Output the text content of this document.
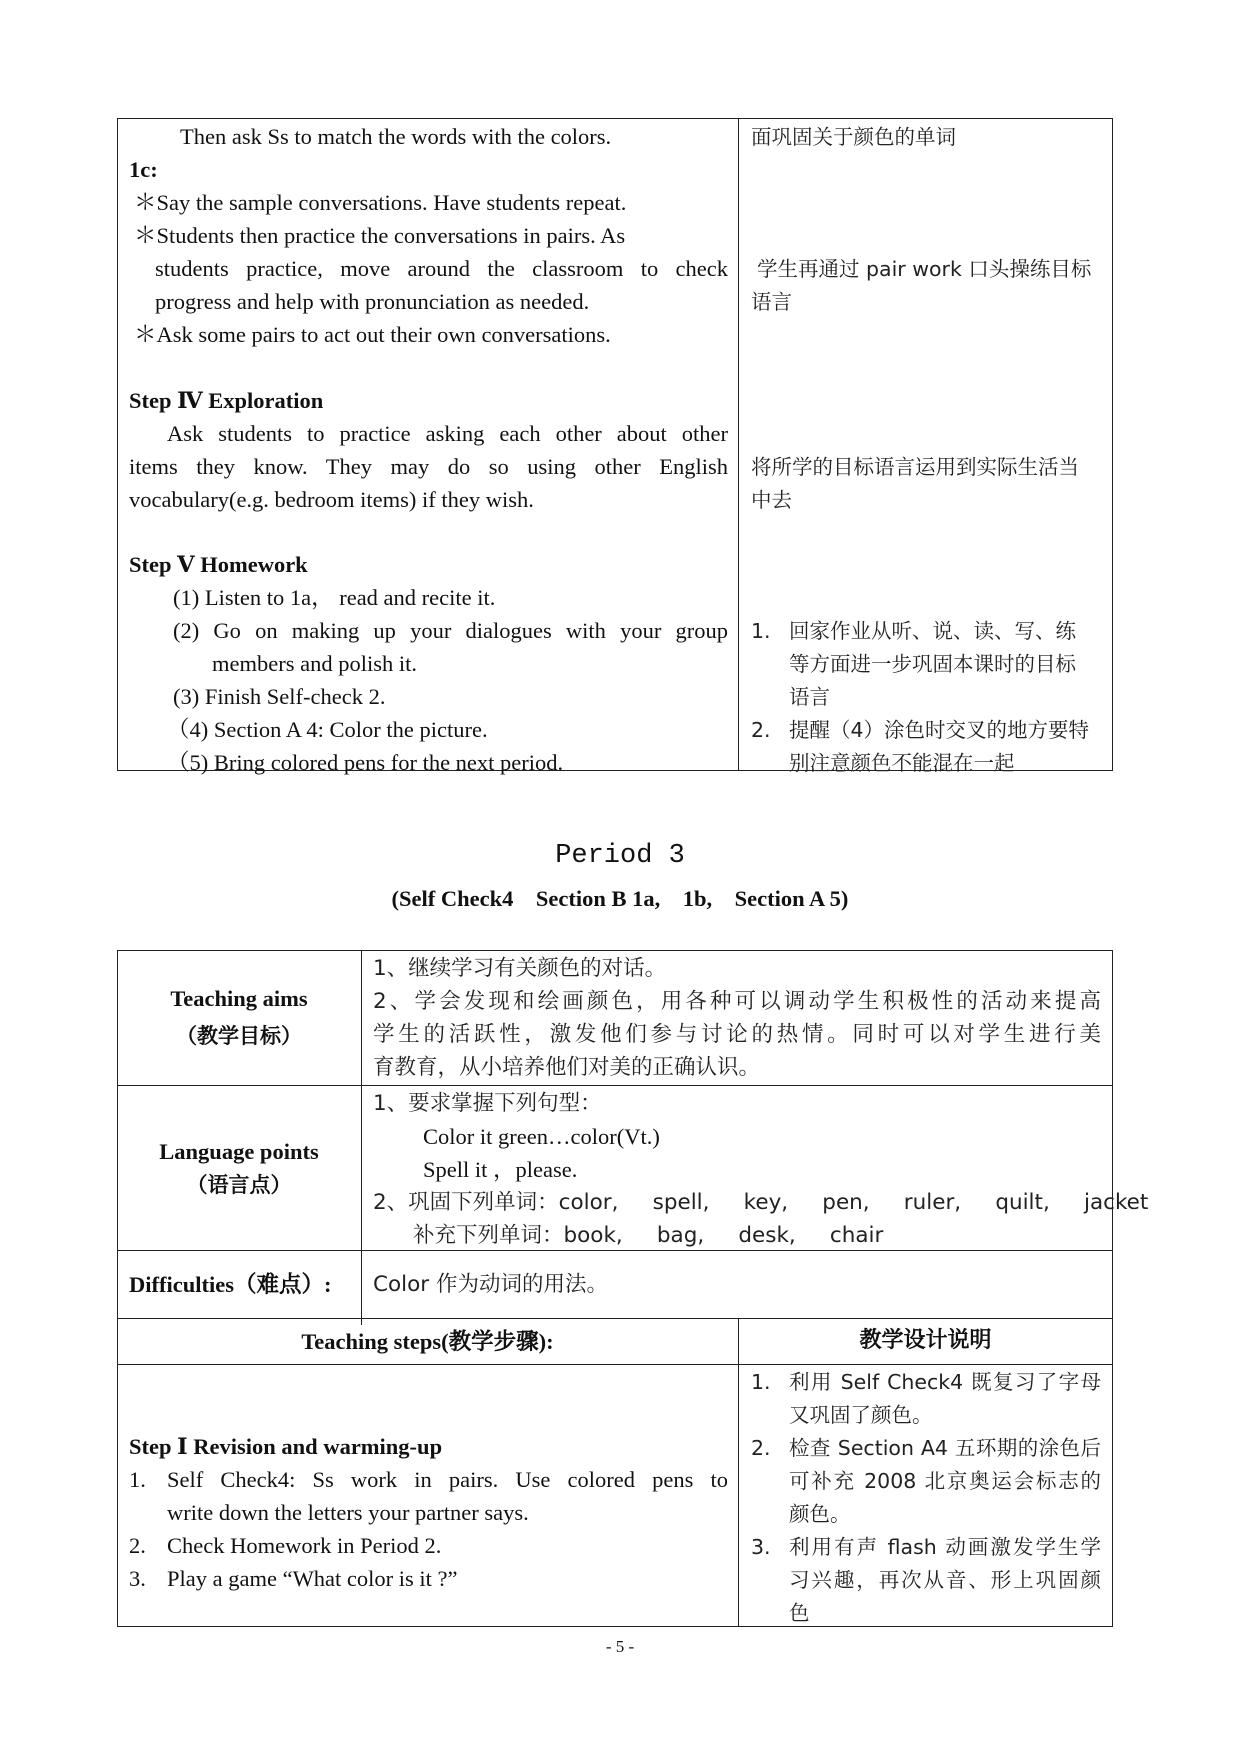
Then ask Ss to match the words with the colors.
1c:
＊Say the sample conversations. Have students repeat.
＊Students then practice the conversations in pairs. As
students practice, move around the classroom to check
progress and help with pronunciation as needed.
＊Ask some pairs to act out their own conversations.
Step Ⅳ Exploration
Ask students to practice asking each other about other
items they know. They may do so using other English
vocabulary(e.g. bedroom items) if they wish.
Step Ⅴ Homework
(1) Listen to 1a， read and recite it.
(2) Go on making up your dialogues with your group
members and polish it.
(3) Finish Self-check 2.
（4) Section A 4: Color the picture.
（5) Bring colored pens for the next period.
面巩固关于颜色的单词
学生再通过 pair work 口头操练目标
语言
将所学的目标语言运用到实际生活当
中去
1. 回家作业从听、说、读、写、练
等方面进一步巩固本课时的目标
语言
2. 提醒（4）涂色时交叉的地方要特
别注意颜色不能混在一起
Period 3
(Self Check4    Section B 1a,    1b,    Section A 5)
Teaching aims
（教学目标）
1、继续学习有关颜色的对话。
2、学会发现和绘画颜色，用各种可以调动学生积极性的活动来提高
学生的活跃性，激发他们参与讨论的热情。同时可以对学生进行美
育教育，从小培养他们对美的正确认识。
Language points
（语言点）
1、要求掌握下列句型：
Color it green…color(Vt.)
Spell it ，please.
2、巩固下列单词：color,     spell,     key,     pen,     ruler,     quilt,     jacket
补充下列单词：book,     bag,     desk,     chair
Difficulties（难点）: Color 作为动词的用法。
Teaching steps(教学步骤):	教学设计说明
Step Ⅰ Revision and warming-up
1. Self Check4: Ss work in pairs. Use colored pens to
write down the letters your partner says.
2. Check Homework in Period 2.
3. Play a game “What color is it ?”
1. 利用 Self Check4 既复习了字母
又巩固了颜色。
2. 检查 Section A4 五环期的涂色后
可补充 2008 北京奥运会标志的
颜色。
3. 利用有声 flash 动画激发学生学
习兴趣，再次从音、形上巩固颜
色
- 5 -
